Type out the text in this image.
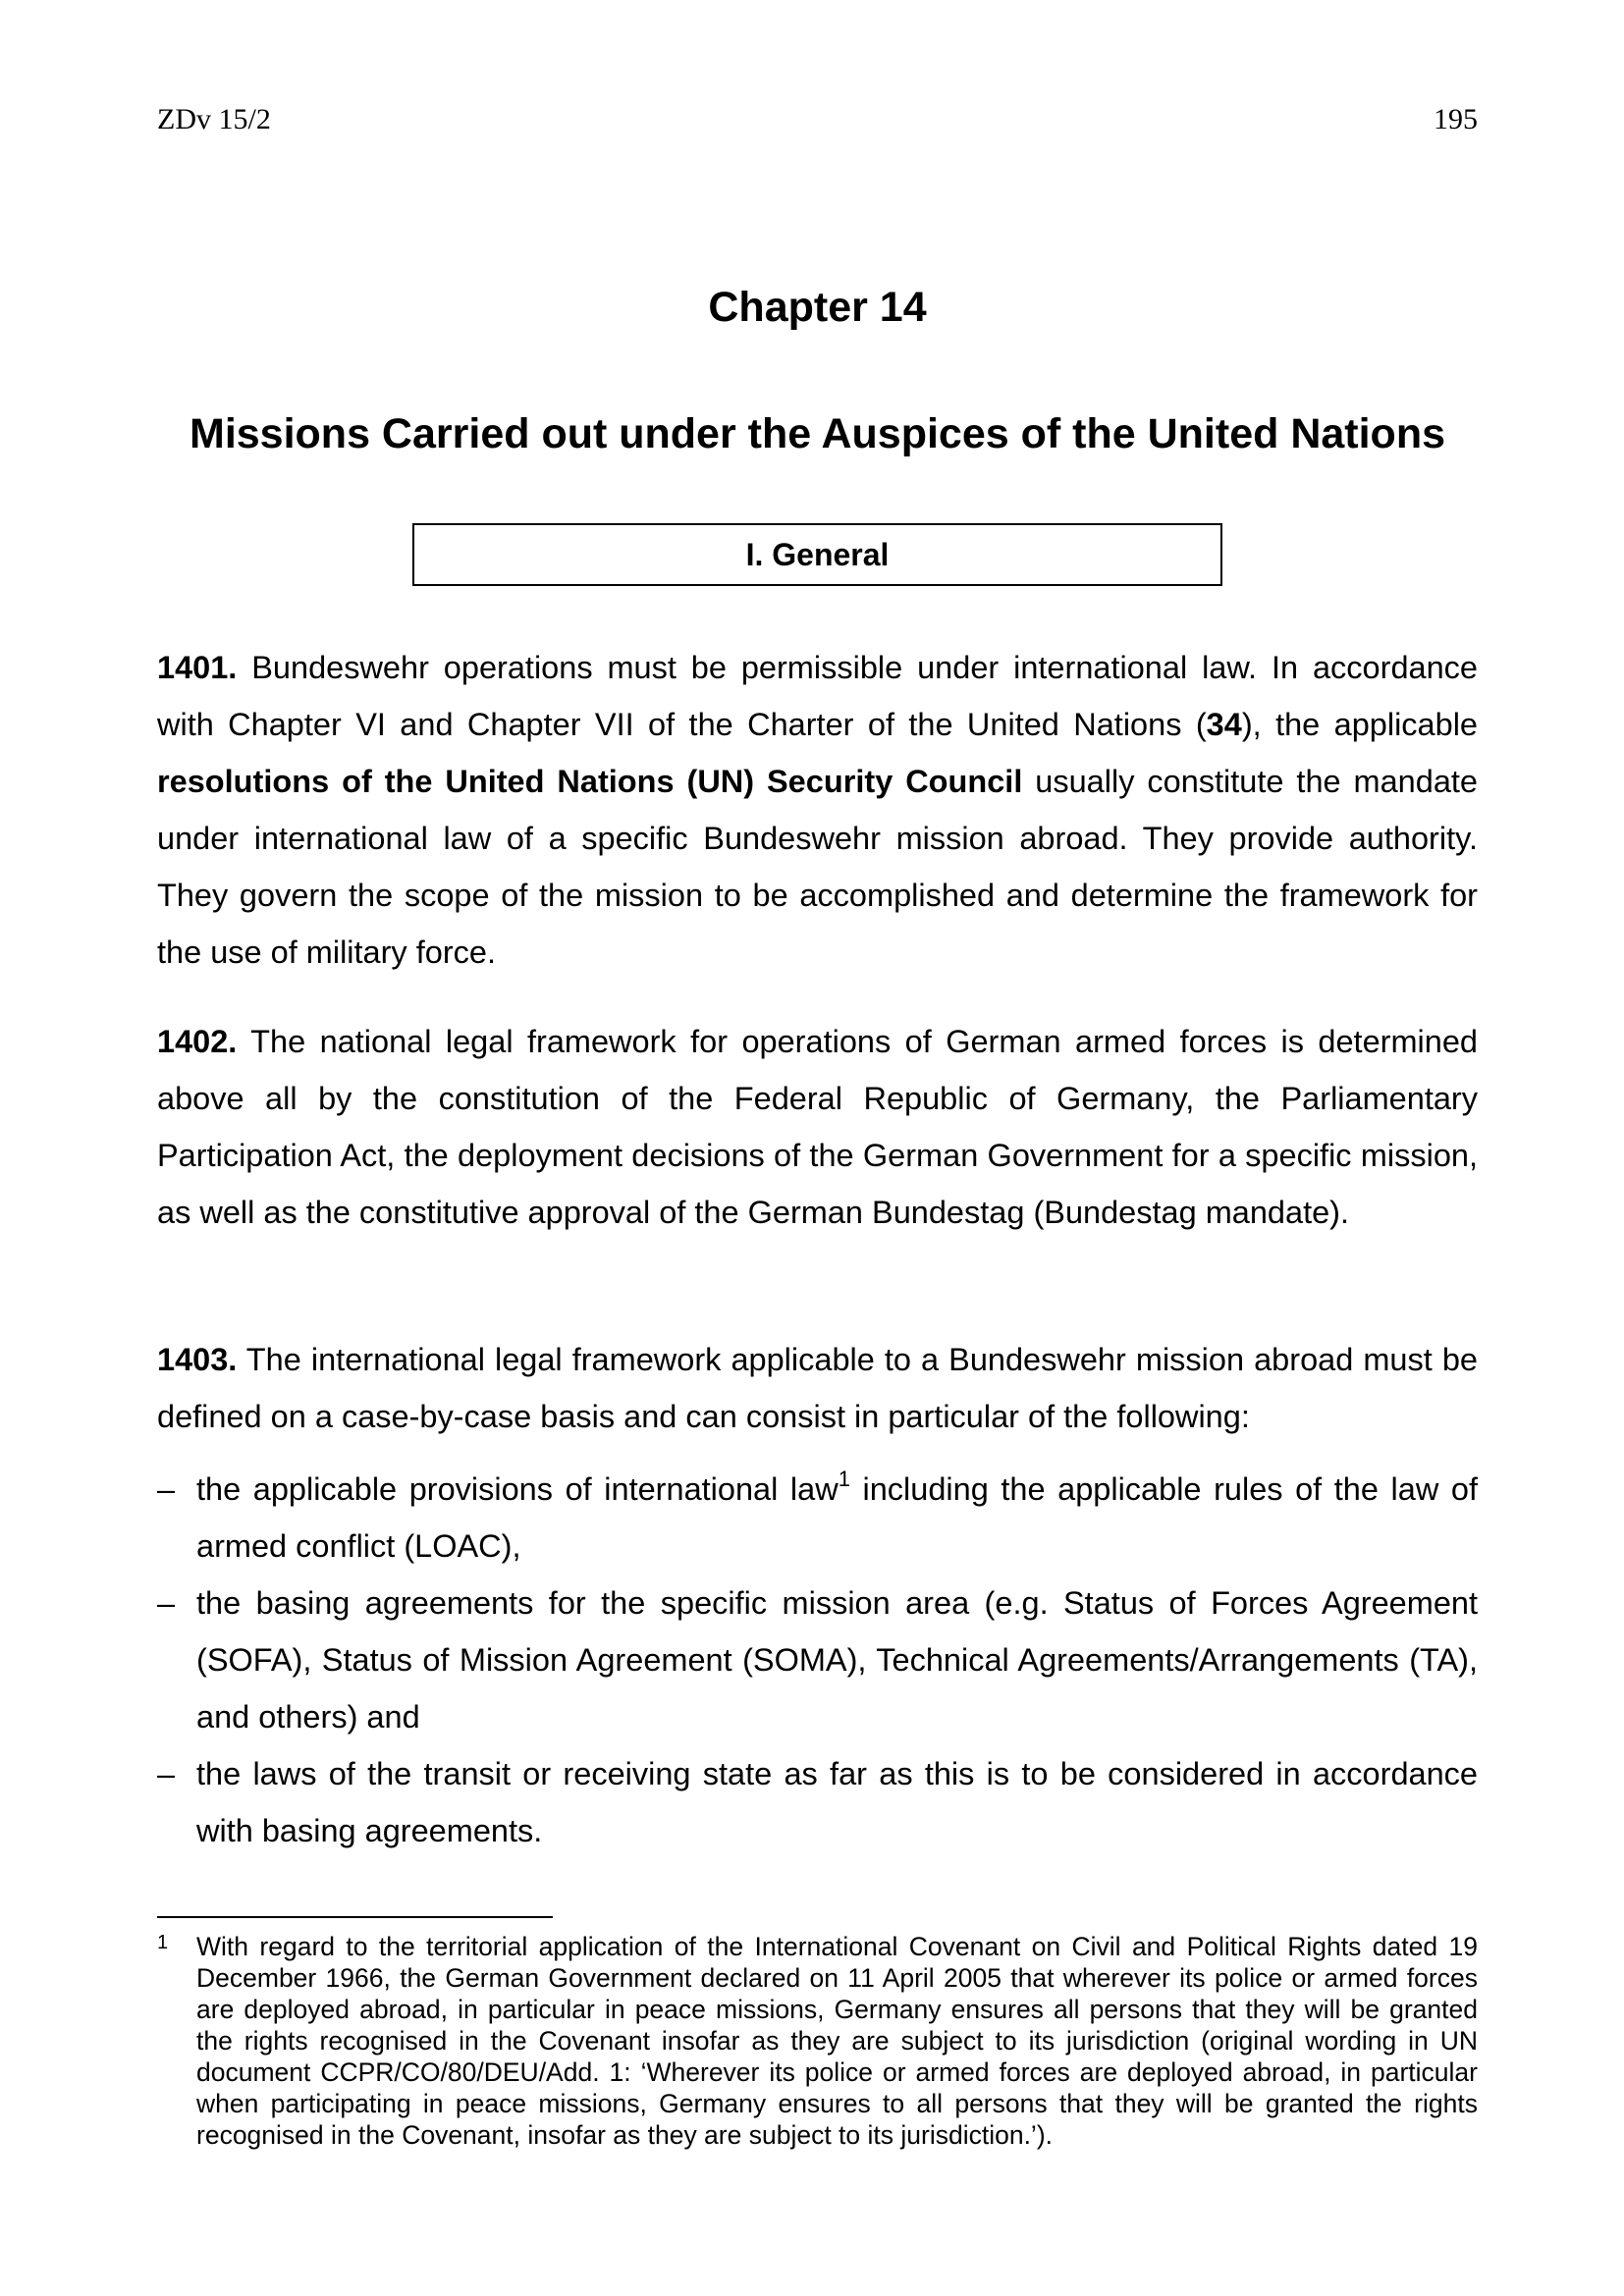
ZDv 15/2	195
Chapter 14
Missions Carried out under the Auspices of the United Nations
I. General

1401. Bundeswehr operations must be permissible under international law. In accordance with Chapter VI and Chapter VII of the Charter of the United Nations (34), the applicable resolutions of the United Nations (UN) Security Council usually constitute the mandate under international law of a specific Bundeswehr mission abroad. They provide authority. They govern the scope of the mission to be accomplished and determine the framework for the use of military force.

1402. The national legal framework for operations of German armed forces is determined above all by the constitution of the Federal Republic of Germany, the Parliamentary Participation Act, the deployment decisions of the German Government for a specific mission, as well as the constitutive approval of the German Bundestag (Bundestag mandate).

1403. The international legal framework applicable to a Bundeswehr mission abroad must be defined on a case-by-case basis and can consist in particular of the following:

– the applicable provisions of international law$^1$ including the applicable rules of the law of armed conflict (LOAC),
– the basing agreements for the specific mission area (e.g. Status of Forces Agreement (SOFA), Status of Mission Agreement (SOMA), Technical Agreements/Arrangements (TA), and others) and
– the laws of the transit or receiving state as far as this is to be considered in accordance with basing agreements.
1 With regard to the territorial application of the International Covenant on Civil and Political Rights dated 19 December 1966, the German Government declared on 11 April 2005 that wherever its police or armed forces are deployed abroad, in particular in peace missions, Germany ensures all persons that they will be granted the rights recognised in the Covenant insofar as they are subject to its jurisdiction (original wording in UN document CCPR/CO/80/DEU/Add. 1: ‘Wherever its police or armed forces are deployed abroad, in particular when participating in peace missions, Germany ensures to all persons that they will be granted the rights recognised in the Covenant, insofar as they are subject to its jurisdiction.’).
